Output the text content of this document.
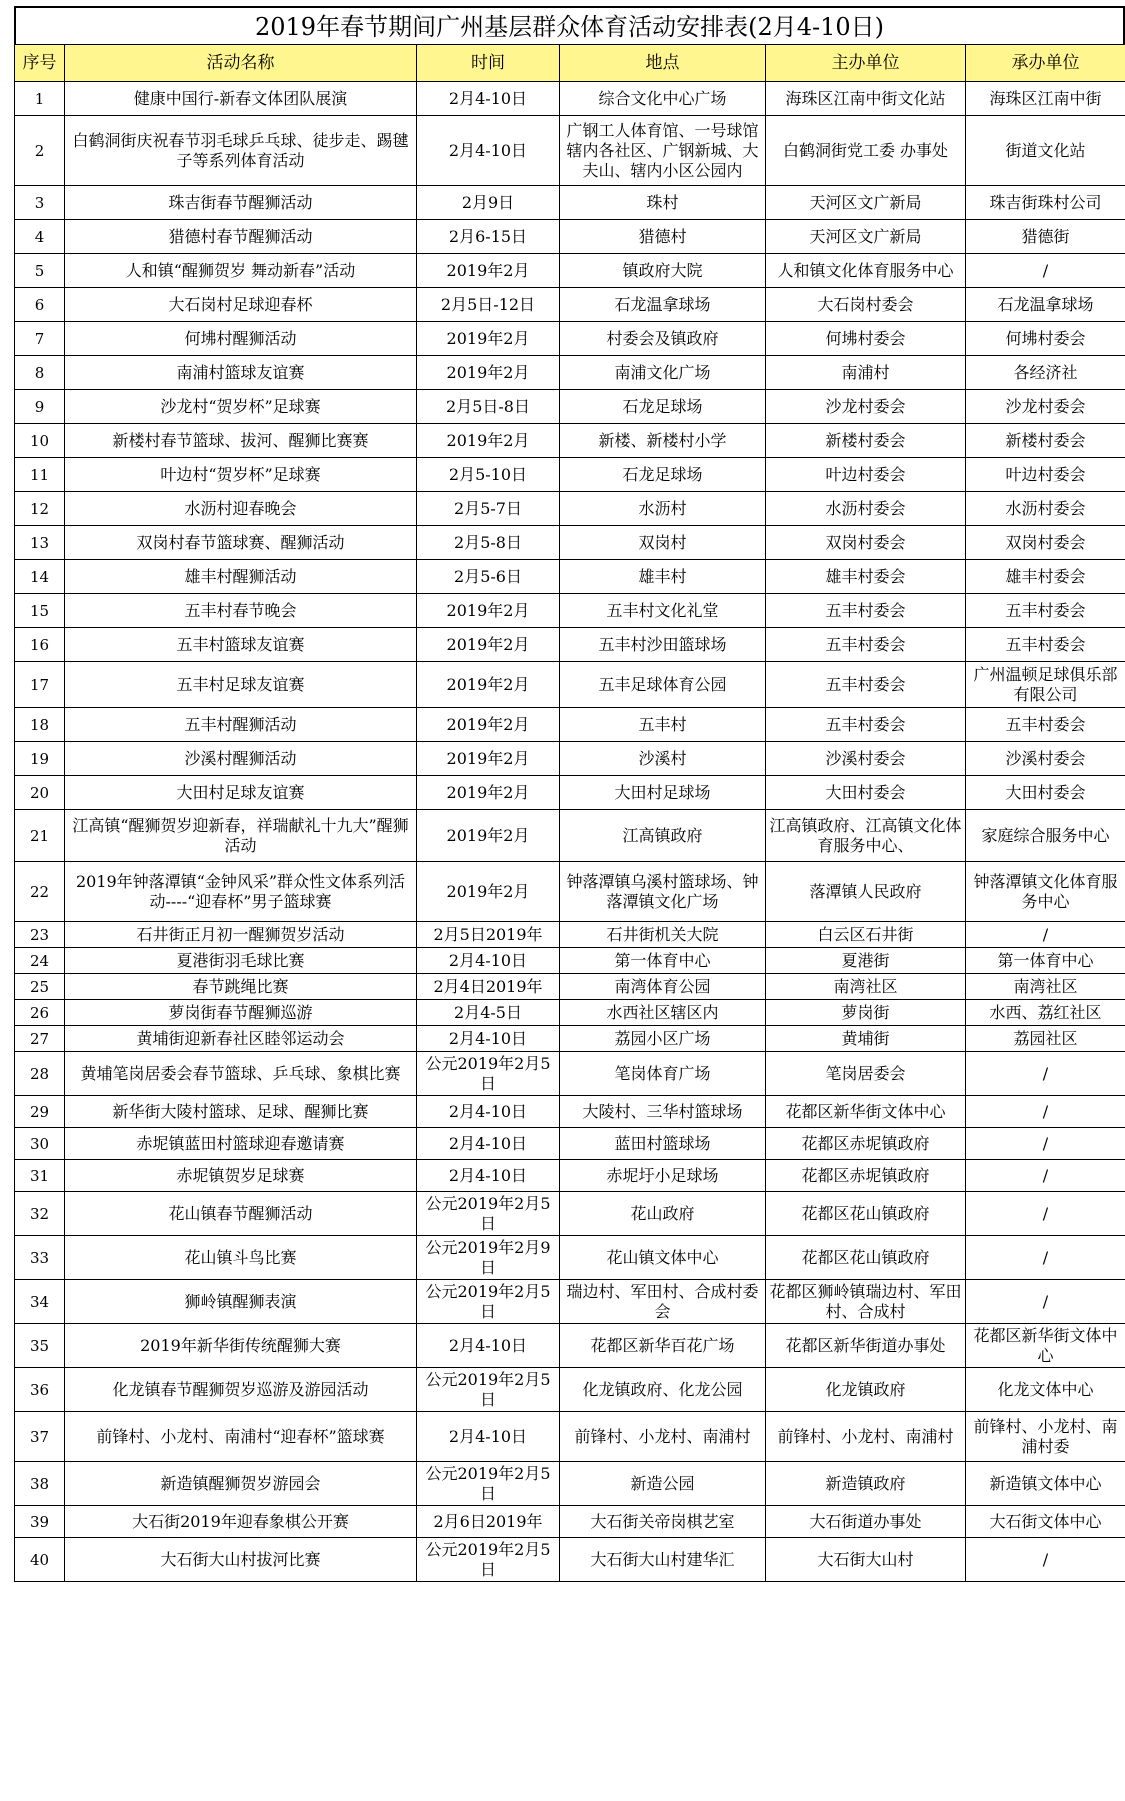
2019年春节期间广州基层群众体育活动安排表(2月4-10日)
序号	活动名称	时间	地点	主办单位	承办单位
1	健康中国行-新春文体团队展演	2月4-10日	综合文化中心广场	海珠区江南中街文化站	海珠区江南中街
2	白鹤洞街庆祝春节羽毛球乒乓球、徒步走、踢毽子等系列体育活动	2月4-10日	广钢工人体育馆、一号球馆辖内各社区、广钢新城、大夫山、辖内小区公园内	白鹤洞街党工委 办事处	街道文化站
3	珠吉街春节醒狮活动	2月9日	珠村	天河区文广新局	珠吉街珠村公司
4	猎德村春节醒狮活动	2月6-15日	猎德村	天河区文广新局	猎德街
5	人和镇“醒狮贺岁 舞动新春”活动	2019年2月	镇政府大院	人和镇文化体育服务中心	/
6	大石岗村足球迎春杯	2月5日-12日	石龙温拿球场	大石岗村委会	石龙温拿球场
7	何坲村醒狮活动	2019年2月	村委会及镇政府	何坲村委会	何坲村委会
8	南浦村篮球友谊赛	2019年2月	南浦文化广场	南浦村	各经济社
9	沙龙村“贺岁杯”足球赛	2月5日-8日	石龙足球场	沙龙村委会	沙龙村委会
10	新楼村春节篮球、拔河、醒狮比赛赛	2019年2月	新楼、新楼村小学	新楼村委会	新楼村委会
11	叶边村“贺岁杯”足球赛	2月5-10日	石龙足球场	叶边村委会	叶边村委会
12	水沥村迎春晚会	2月5-7日	水沥村	水沥村委会	水沥村委会
13	双岗村春节篮球赛、醒狮活动	2月5-8日	双岗村	双岗村委会	双岗村委会
14	雄丰村醒狮活动	2月5-6日	雄丰村	雄丰村委会	雄丰村委会
15	五丰村春节晚会	2019年2月	五丰村文化礼堂	五丰村委会	五丰村委会
16	五丰村篮球友谊赛	2019年2月	五丰村沙田篮球场	五丰村委会	五丰村委会
17	五丰村足球友谊赛	2019年2月	五丰足球体育公园	五丰村委会	广州温顿足球俱乐部有限公司
18	五丰村醒狮活动	2019年2月	五丰村	五丰村委会	五丰村委会
19	沙溪村醒狮活动	2019年2月	沙溪村	沙溪村委会	沙溪村委会
20	大田村足球友谊赛	2019年2月	大田村足球场	大田村委会	大田村委会
21	江高镇“醒狮贺岁迎新春，祥瑞献礼十九大”醒狮活动	2019年2月	江高镇政府	江高镇政府、江高镇文化体育服务中心、	家庭综合服务中心
22	2019年钟落潭镇“金钟风采”群众性文体系列活动----“迎春杯”男子篮球赛	2019年2月	钟落潭镇乌溪村篮球场、钟落潭镇文化广场	落潭镇人民政府	钟落潭镇文化体育服务中心
23	石井街正月初一醒狮贺岁活动	2月5日2019年	石井街机关大院	白云区石井街	/
24	夏港街羽毛球比赛	2月4-10日	第一体育中心	夏港街	第一体育中心
25	春节跳绳比赛	2月4日2019年	南湾体育公园	南湾社区	南湾社区
26	萝岗街春节醒狮巡游	2月4-5日	水西社区辖区内	萝岗街	水西、荔红社区
27	黄埔街迎新春社区睦邻运动会	2月4-10日	荔园小区广场	黄埔街	荔园社区
28	黄埔笔岗居委会春节篮球、乒乓球、象棋比赛	公元2019年2月5日	笔岗体育广场	笔岗居委会	/
29	新华街大陵村篮球、足球、醒狮比赛	2月4-10日	大陵村、三华村篮球场	花都区新华街文体中心	/
30	赤坭镇蓝田村篮球迎春邀请赛	2月4-10日	蓝田村篮球场	花都区赤坭镇政府	/
31	赤坭镇贺岁足球赛	2月4-10日	赤坭圩小足球场	花都区赤坭镇政府	/
32	花山镇春节醒狮活动	公元2019年2月5日	花山政府	花都区花山镇政府	/
33	花山镇斗鸟比赛	公元2019年2月9日	花山镇文体中心	花都区花山镇政府	/
34	狮岭镇醒狮表演	公元2019年2月5日	瑞边村、军田村、合成村委会	花都区狮岭镇瑞边村、军田村、合成村	/
35	2019年新华街传统醒狮大赛	2月4-10日	花都区新华百花广场	花都区新华街道办事处	花都区新华街文体中心
36	化龙镇春节醒狮贺岁巡游及游园活动	公元2019年2月5日	化龙镇政府、化龙公园	化龙镇政府	化龙文体中心
37	前锋村、小龙村、南浦村“迎春杯”篮球赛	2月4-10日	前锋村、小龙村、南浦村	前锋村、小龙村、南浦村	前锋村、小龙村、南浦村委
38	新造镇醒狮贺岁游园会	公元2019年2月5日	新造公园	新造镇政府	新造镇文体中心
39	大石街2019年迎春象棋公开赛	2月6日2019年	大石街关帝岗棋艺室	大石街道办事处	大石街文体中心
40	大石街大山村拔河比赛	公元2019年2月5日	大石街大山村建华汇	大石街大山村	/
